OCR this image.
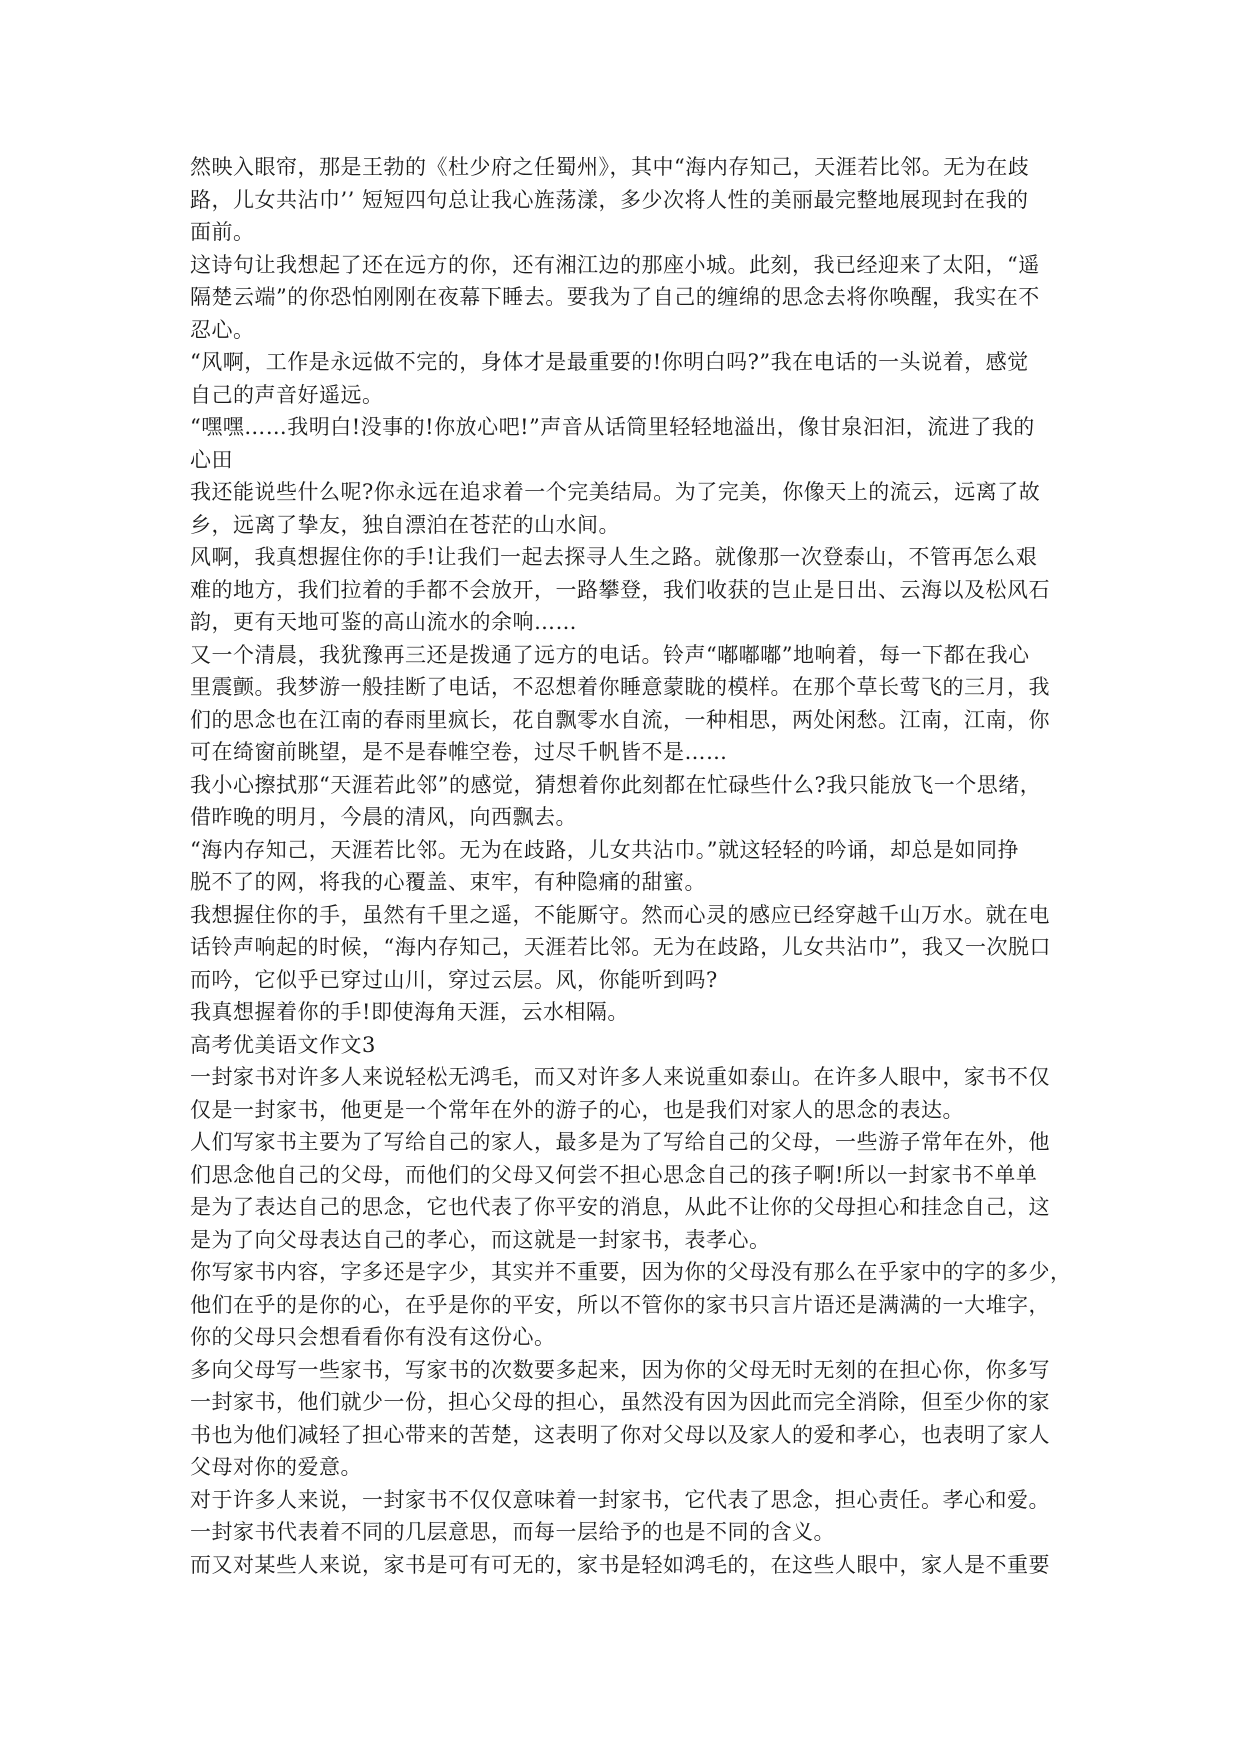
然映入眼帘，那是王勃的《杜少府之任蜀州》，其中“海内存知己，天涯若比邻。无为在歧
路，儿女共沾巾’’ 短短四句总让我心旌荡漾，多少次将人性的美丽最完整地展现封在我的
面前。
这诗句让我想起了还在远方的你，还有湘江边的那座小城。此刻，我已经迎来了太阳，“遥
隔楚云端”的你恐怕刚刚在夜幕下睡去。要我为了自己的缠绵的思念去将你唤醒，我实在不
忍心。
“风啊，工作是永远做不完的，身体才是最重要的!你明白吗?”我在电话的一头说着，感觉
自己的声音好遥远。
“嘿嘿……我明白!没事的!你放心吧!”声音从话筒里轻轻地溢出，像甘泉汩汩，流进了我的
心田
我还能说些什么呢?你永远在追求着一个完美结局。为了完美，你像天上的流云，远离了故
乡，远离了挚友，独自漂泊在苍茫的山水间。
风啊，我真想握住你的手!让我们一起去探寻人生之路。就像那一次登泰山，不管再怎么艰
难的地方，我们拉着的手都不会放开，一路攀登，我们收获的岂止是日出、云海以及松风石
韵，更有天地可鉴的高山流水的余响……
又一个清晨，我犹豫再三还是拨通了远方的电话。铃声“嘟嘟嘟”地响着，每一下都在我心
里震颤。我梦游一般挂断了电话，不忍想着你睡意蒙眬的模样。在那个草长莺飞的三月，我
们的思念也在江南的春雨里疯长，花自飘零水自流，一种相思，两处闲愁。江南，江南，你
可在绮窗前眺望，是不是春帷空卷，过尽千帆皆不是……
我小心擦拭那“天涯若此邻”的感觉，猜想着你此刻都在忙碌些什么?我只能放飞一个思绪，
借昨晚的明月，今晨的清风，向西飘去。
“海内存知己，天涯若比邻。无为在歧路，儿女共沾巾。”就这轻轻的吟诵，却总是如同挣
脱不了的网，将我的心覆盖、束牢，有种隐痛的甜蜜。
我想握住你的手，虽然有千里之遥，不能厮守。然而心灵的感应已经穿越千山万水。就在电
话铃声响起的时候，“海内存知己，天涯若比邻。无为在歧路，儿女共沾巾”，我又一次脱口
而吟，它似乎已穿过山川，穿过云层。风，你能听到吗?
我真想握着你的手!即使海角天涯，云水相隔。
高考优美语文作文3
一封家书对许多人来说轻松无鸿毛，而又对许多人来说重如泰山。在许多人眼中，家书不仅
仅是一封家书，他更是一个常年在外的游子的心，也是我们对家人的思念的表达。
人们写家书主要为了写给自己的家人，最多是为了写给自己的父母，一些游子常年在外，他
们思念他自己的父母，而他们的父母又何尝不担心思念自己的孩子啊!所以一封家书不单单
是为了表达自己的思念，它也代表了你平安的消息，从此不让你的父母担心和挂念自己，这
是为了向父母表达自己的孝心，而这就是一封家书，表孝心。
你写家书内容，字多还是字少，其实并不重要，因为你的父母没有那么在乎家中的字的多少，
他们在乎的是你的心，在乎是你的平安，所以不管你的家书只言片语还是满满的一大堆字，
你的父母只会想看看你有没有这份心。
多向父母写一些家书，写家书的次数要多起来，因为你的父母无时无刻的在担心你，你多写
一封家书，他们就少一份，担心父母的担心，虽然没有因为因此而完全消除，但至少你的家
书也为他们减轻了担心带来的苦楚，这表明了你对父母以及家人的爱和孝心，也表明了家人
父母对你的爱意。
对于许多人来说，一封家书不仅仅意味着一封家书，它代表了思念，担心责任。孝心和爱。
一封家书代表着不同的几层意思，而每一层给予的也是不同的含义。
而又对某些人来说，家书是可有可无的，家书是轻如鸿毛的，在这些人眼中，家人是不重要
